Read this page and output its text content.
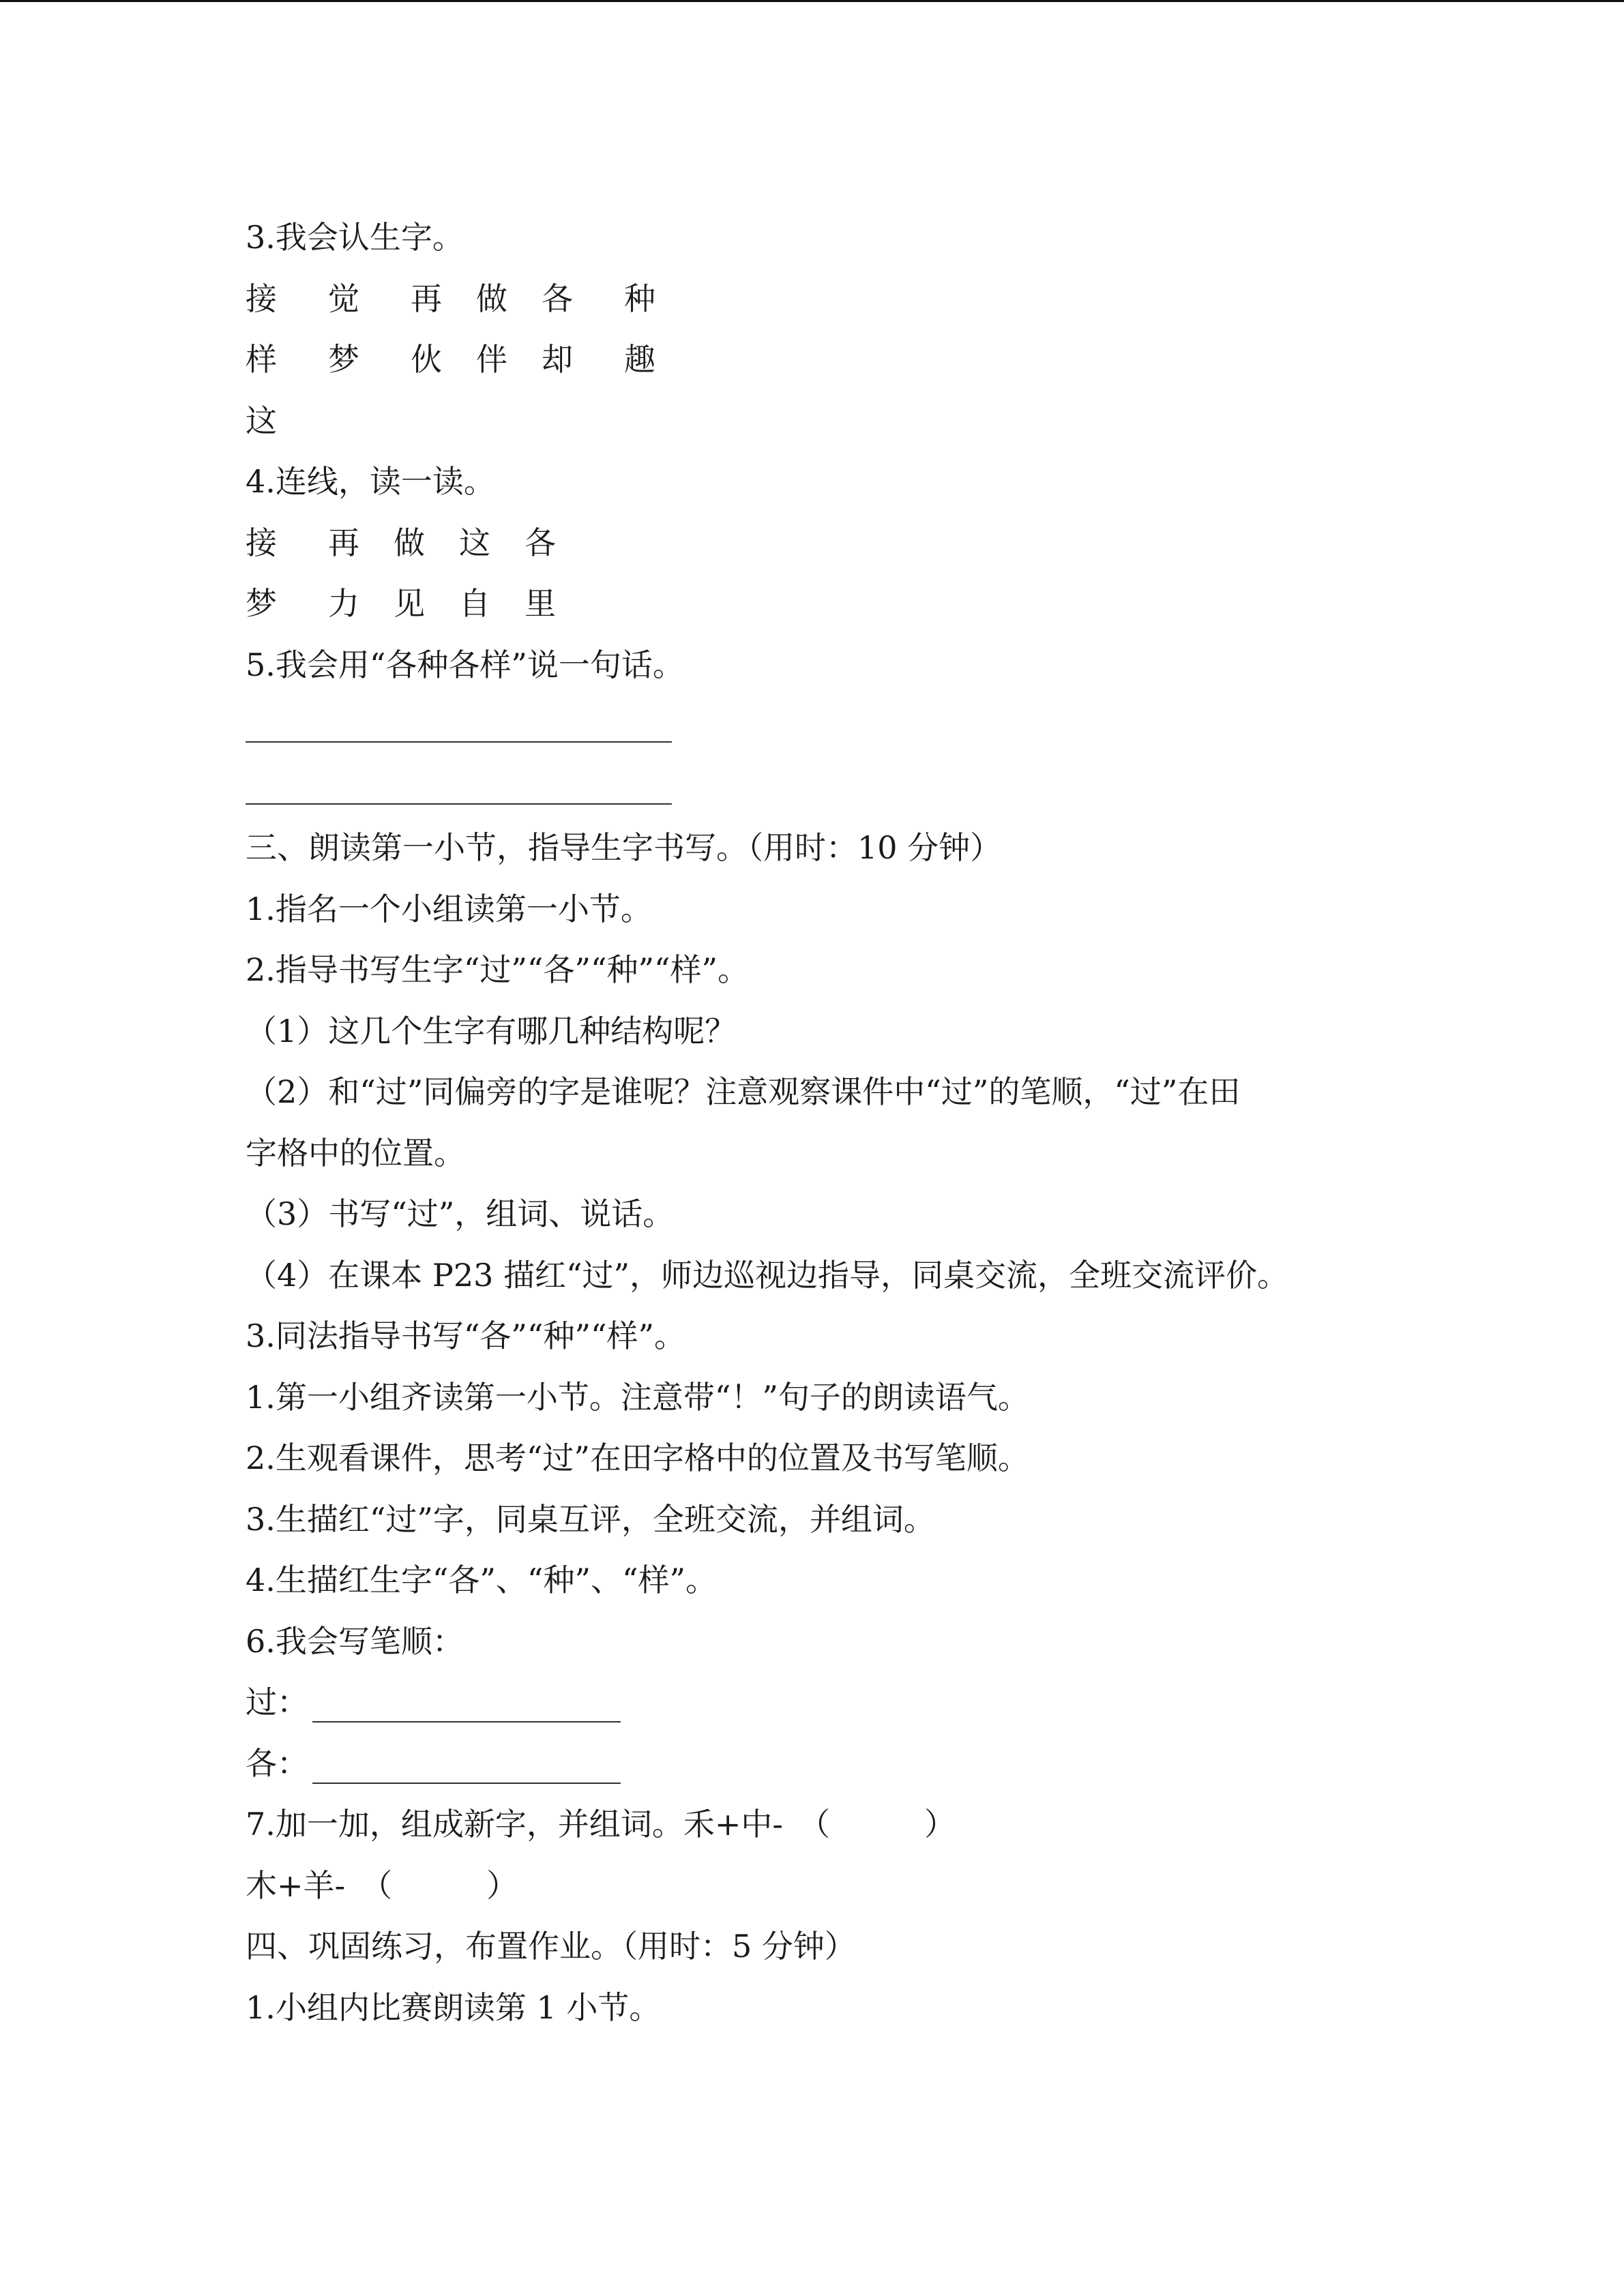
3.我会认生字。
接 觉 再 做 各 种
样 梦 伙 伴 却 趣
这
4.连线，读一读。
接 再 做 这 各
梦 力 见 自 里
5.我会用“各种各样”说一句话。
三、朗读第一小节，指导生字书写。（用时：10 分钟）
1.指名一个小组读第一小节。
2.指导书写生字“过”“各”“种”“样”。
（1）这几个生字有哪几种结构呢？
（2）和“过”同偏旁的字是谁呢？注意观察课件中“过”的笔顺，“过”在田
字格中的位置。
（3）书写“过”，组词、说话。
（4）在课本 P23 描红“过”，师边巡视边指导，同桌交流，全班交流评价。
3.同法指导书写“各”“种”“样”。
1.第一小组齐读第一小节。注意带“！”句子的朗读语气。
2.生观看课件，思考“过”在田字格中的位置及书写笔顺。
3.生描红“过”字，同桌互评，全班交流，并组词。
4.生描红生字“各”、“种”、“样”。
6.我会写笔顺：
过：
各：
7.加一加，组成新字，并组词。禾+中-　（　　　）
木+羊-　（　　　）
四、巩固练习，布置作业。（用时：5 分钟）
1.小组内比赛朗读第 1 小节。
